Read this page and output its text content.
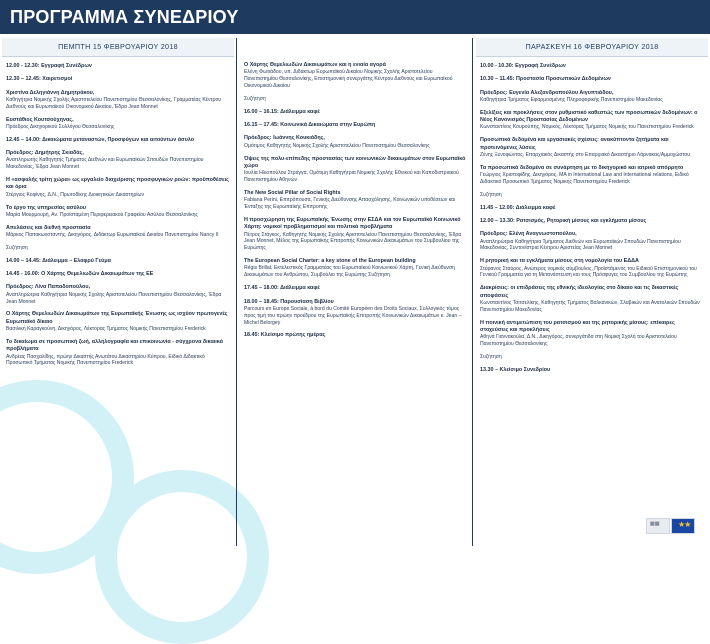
ΠΡΟΓΡΑΜΜΑ ΣΥΝΕΔΡΙΟΥ

ΠΕΜΠΤΗ 15 ΦΕΒΡΟΥΑΡΙΟΥ 2018
12.00 - 12.30: Εγγραφή Συνέδρων
12.30 – 12.45: Χαιρετισμοί
Χριστίνα Δεληγιάννη Δημητράκου,
Καθηγήτρια Νομικής Σχολής Αριστοτελείου Πανεπιστημίου Θεσσαλονίκης, Γραμματέας Κέντρου Διεθνούς και Ευρωπαϊκού Οικονομικού Δικαίου, Έδρα Jean Monnet
Ευστάθιος Κουτσούχηνας,
Πρόεδρος Δικηγορικού Συλλόγου Θεσσαλονίκης
12.45 – 14.00: Δικαιώματα μεταναστών, Προσφύγων και αιτούντων άσυλο
Πρόεδρος: Δημήτρης Σκιαδάς,
Αναπληρωτής Καθηγητής Τμήματος Διεθνών και Ευρωπαϊκών Σπουδών Πανεπιστημίου Μακεδονίας, Έδρα Jean Monnet
Η «ασφαλής τρίτη χώρα» ως εργαλείο διαχείρισης προσφυγικών ροών: προϋποθέσεις και όρια
Στέργιος Κοφίνης, Δ.Ν., Πρωτοδίκης Διοικητικών Δικαστηρίων
Το έργο της υπηρεσίας ασύλου
Μαρία Μουρμουρή, Αν. Προϊσταμένη Περιφερειακού Γραφείου Ασύλου Θεσσαλονίκης
Απελάσεις και διεθνή προστασία
Μάρκος Παπακωνσταντής, Δικηγόρος, Διδάκτωρ Ευρωπαϊκού Δικαίου Πανεπιστημίου Nancy II
Συζήτηση
14.00 – 14.45: Διάλειμμα – Ελαφρύ Γεύμα
14.45 - 16.00: Ο Χάρτης Θεμελιωδών Δικαιωμάτων της ΕΕ
Πρόεδρος: Λίνα Παπαδοπούλου,
Αναπληρώτρια Καθηγήτρια Νομικής Σχολής Αριστοτελείου Πανεπιστημίου Θεσσαλονίκης, Έδρα Jean Monnet
Ο Χάρτης Θεμελιωδών Δικαιωμάτων της Ευρωπαϊκής Ένωσης ως ισχύον πρωτογενές Ευρωπαϊκό δίκαιο
Βασιλική Καραγκούνη, Δικηγόρος, Λέκτορας Τμήματος Νομικής Πανεπιστημίου Frederick
Το δικαίωμα σε προσωπική ζωή, αλληλογραφία και επικοινωνία - σύγχρονα δικαιικά προβλήματα
Ανδρέας Πασχαλίδης, πρώην Δικαστής Ανωτάτου Δικαστηρίου Κύπρου, Ειδικό Διδακτικό Προσωπικό Τμήματος Νομικής Πανεπιστημίου Frederick
Ο Χάρτης Θεμελιωδών Δικαιωμάτων και η ενιαία αγορά
Ελένη Φωτιάδου, υπ. Διδάκτωρ Ευρωπαϊκού Δικαίου Νομικής Σχολής Αριστοτελείου Πανεπιστημίου Θεσσαλονίκης, Επιστημονική συνεργάτης Κέντρου Διεθνούς και Ευρωπαϊκού Οικονομικού Δικαίου
Συζήτηση
16.00 – 16.15: Διάλειμμα καφέ
16.15 – 17.45: Κοινωνικά Δικαιώματα στην Ευρώπη
Πρόεδρος: Ιωάννης Κουκιάδης,
Ομότιμος Καθηγητής Νομικής Σχολής Αριστοτελείου Πανεπιστημίου Θεσσαλονίκης
Όψεις της πολυ-επίπεδης προστασίας των κοινωνικών δικαιωμάτων στον Ευρωπαϊκό χώρο
Ιουλία Ηλιοπούλου Στράγγα, Ομότιμη Καθηγήτρια Νομικής Σχολής Εθνικού και Καποδιστριακού Πανεπιστημίου Αθηνών
The New Social Pillar of Social Rights
Fabiana Perini, Επιτρόπουσα, Γενικής Διεύθυνσης Απασχόλησης, Κοινωνικών υποθέσεων και Ένταξης της Ευρωπαϊκής Επιτροπής
Η προσχώρηση της Ευρωπαϊκής Ένωσης στην ΕΣΔΑ και τον Ευρωπαϊκό Κοινωνικό Χάρτη: νομικοί προβληματισμοί και πολιτικά προβλήματα
Πέτρος Στάγκος, Καθηγητής Νομικής Σχολής Αριστοτελείου Πανεπιστημίου Θεσσαλονίκης, Έδρα Jean Monnet, Μέλος της Ευρωπαϊκής Επιτροπής Κοινωνικών Δικαιωμάτων του Συμβουλίου της Ευρώπης
The European Social Charter: a key stone of the European building
Régis Brillat, Εκτελεστικός Γραμματέας του Ευρωπαϊκού Κοινωνικού Χάρτη, Γενική Διεύθυνση Δικαιωμάτων του Ανθρώπου, Συμβούλιο της Ευρώπης Συζήτηση
17.45 – 18.00: Διάλειμμα καφέ
18.00 – 18.45: Παρουσίαση Βιβλίου
Parcours en Europe Sociale, à bord du Comité Européen des Droits Sociaux, Συλλογικός τόμος προς τιμή του πρώην προέδρου της Ευρωπαϊκής Επιτροπής Κοινωνικών Δικαιωμάτων κ. Jean –Michel Belorgey
18.45: Κλείσιμο πρώτης ημέρας
ΠΑΡΑΣΚΕΥΗ 16 ΦΕΒΡΟΥΑΡΙΟΥ 2018
10.00 - 10.30: Εγγραφή Συνέδρων
10.30 – 11.45: Προστασία Προσωπικών Δεδομένων
Πρόεδρος: Ευγενία Αλεξανδροπούλου Αιγυπτιάδου,
Καθηγήτρια Τμήματος Εφαρμοσμένης Πληροφορικής Πανεπιστημίου Μακεδονίας
Εξελίξεις και προκλήσεις στον ρυθμιστικό καθεστώς των προσωπικών δεδομένων: ο Νέος Κανονισμός Προστασίας Δεδομένων
Κωνσταντίνος Κουρούπης, Νομικός, Λέκτορας Τμήματος Νομικής του Πανεπιστημίου Frederick
Προσωπικά δεδομένα και εργασιακές σχέσεις: ανακύπτοντα ζητήματα και προτεινόμενες λύσεις
Ζένης Ξενοφώντος, Επαρχιακός Δικαστής στο Επαρχιακό Δικαστήριο Λάρνακας/Αμμοχώστου
Τα προσωπικά δεδομένα σε συνάρτηση με το δικηγορικό και ιατρικό απόρρητο
Γεώργιος Χριστοφίδης, Δικηγόρος, MA in International Law and International relations, Ειδικό Διδακτικό Προσωπικό Τμήματος Νομικής Πανεπιστημίου Frederick
Συζήτηση
11.45 – 12.00: Διάλειμμα καφέ
12.00 – 13.30: Ρατσισμός, Ρητορική μίσους και εγκλήματα μίσους
Πρόεδρος: Ελένη Αναγνωστοπούλου,
Αναπληρώτρια Καθηγήτρια Τμήματος Διεθνών και Ευρωπαϊκών Σπουδών Πανεπιστημίου Μακεδονίας, Συντονίστρια Κέντρου Αριστείας Jean Monnet
Η ρητορική και τα εγκλήματα μίσους στη νομολογία του ΕΔΔΑ
Στέφανος Σταύρος, Ανώτερος νομικός σύμβουλος, Προϊστάμενος του Ειδικού Επιστημονικού του Γενικού Γραμματέα για τη Μετανάστευση και τους Πρόσφυγες του Συμβουλίου της Ευρώπης
Διακρίσεις: οι επιδράσεις της εθνικής ιδεολογίας στο δίκαιο και τις δικαστικές αποφάσεις
Κωνσταντίνος Τσιτσελίκης, Καθηγητής Τμήματος Βαλκανικών, Σλαβικών και Ανατολικών Σπουδών Πανεπιστημίου Μακεδονίας
Η ποινική αντιμετώπιση του ρατσισμού και της ρητορικής μίσους: επίκαιρες στοχεύσεις και προκλήσεις
Αθηνά Γιαννακούλα, Δ.Ν., Δικηγόρος, συνεργάτιδα στη Νομική Σχολή του Αριστοτελείου Πανεπιστημίου Θεσσαλονίκης
Συζήτηση
13.30 – Κλείσιμο Συνεδρίου
▦▦ ★★
